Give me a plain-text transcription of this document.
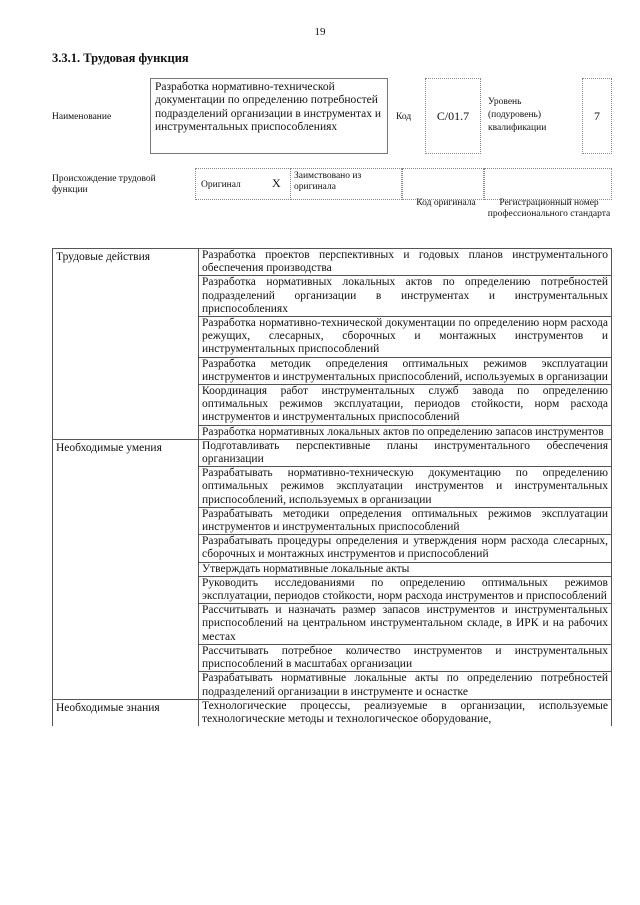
19
3.3.1. Трудовая функция
Наименование
Разработка нормативно-технической документации по определению потребностей подразделений организации в инструментах и инструментальных приспособлениях
Код C/01.7
Уровень (подуровень) квалификации
7
Происхождение трудовой функции	Оригинал	X	Заимствовано из оригинала
Код оригинала	Регистрационный номер профессионального стандарта
Трудовые действия	Разработка проектов перспективных и годовых планов инструментального обеспечения производства
	Разработка нормативных локальных актов по определению потребностей подразделений организации в инструментах и инструментальных приспособлениях
	Разработка нормативно-технической документации по определению норм расхода режущих, слесарных, сборочных и монтажных инструментов и инструментальных приспособлений
	Разработка методик определения оптимальных режимов эксплуатации инструментов и инструментальных приспособлений, используемых в организации
	Координация работ инструментальных служб завода по определению оптимальных режимов эксплуатации, периодов стойкости, норм расхода инструментов и инструментальных приспособлений
	Разработка нормативных локальных актов по определению запасов инструментов
Необходимые умения	Подготавливать перспективные планы инструментального обеспечения организации
	Разрабатывать нормативно-техническую документацию по определению оптимальных режимов эксплуатации инструментов и инструментальных приспособлений, используемых в организации
	Разрабатывать методики определения оптимальных режимов эксплуатации инструментов и инструментальных приспособлений
	Разрабатывать процедуры определения и утверждения норм расхода слесарных, сборочных и монтажных инструментов и приспособлений
	Утверждать нормативные локальные акты
	Руководить исследованиями по определению оптимальных режимов эксплуатации, периодов стойкости, норм расхода инструментов и приспособлений
	Рассчитывать и назначать размер запасов инструментов и инструментальных приспособлений на центральном инструментальном складе, в ИРК и на рабочих местах
	Рассчитывать потребное количество инструментов и инструментальных приспособлений в масштабах организации
	Разрабатывать нормативные локальные акты по определению потребностей подразделений организации в инструменте и оснастке
Необходимые знания	Технологические процессы, реализуемые в организации, используемые технологические методы и технологическое оборудование,
